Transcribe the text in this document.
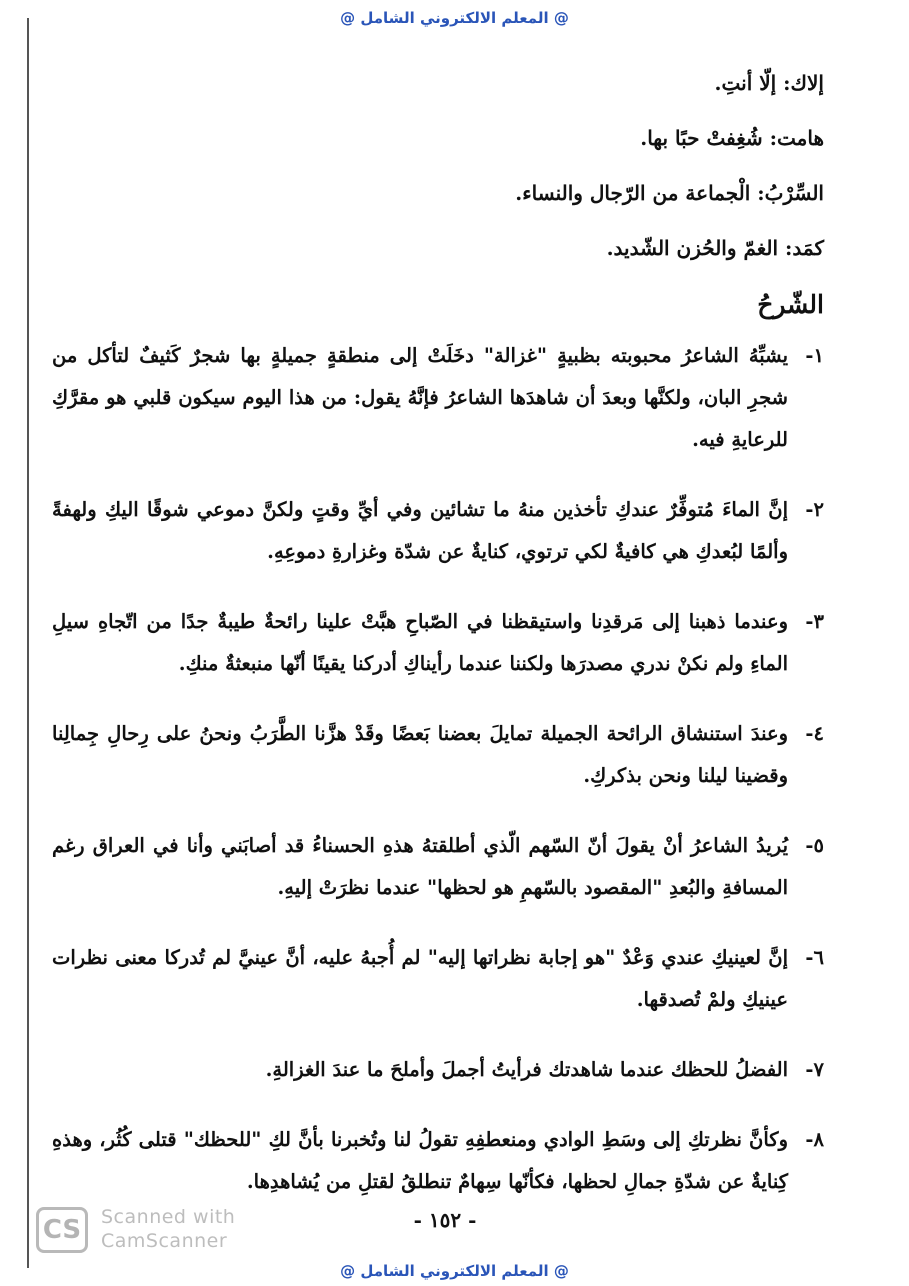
@ المعلم الالكتروني الشامل @

إلاك: إلّا أنتِ.

هامت: شُغِفتْ حبًا بها.

السِّرْبُ: الْجماعة من الرّجال والنساء.

كمَد: الغمّ والحُزن الشّديد.

الشّرحُ
١-
يشبِّهُ الشاعرُ محبوبته بظبيةٍ "غزالة" دخَلَتْ إلى منطقةٍ جميلةٍ بها شجرٌ كَثيفٌ لتأكل من شجرِ البان، ولكنَّها وبعدَ أن شاهدَها الشاعرُ فإنَّهُ يقول: من هذا اليوم سيكون قلبي هو مقرَّكِ للرعايةِ فيه.
٢-
إنَّ الماءَ مُتوفِّرٌ عندكِ تأخذين منهُ ما تشائين وفي أيِّ وقتٍ ولكنَّ دموعي شوقًا اليكِ ولهفةً وألمًا لبُعدكِ هي كافيةٌ لكي ترتوي، كنايةٌ عن شدّة وغزارةِ دموعِهِ.
٣-
وعندما ذهبنا إلى مَرقدِنا واستيقظنا في الصّباحِ هبَّتْ علينا رائحةٌ طيبةٌ جدًا من اتّجاهِ سيلِ الماءِ ولم نكنْ ندري مصدرَها ولكننا عندما رأيناكِ أدركنا يقينًا أنّها منبعثةٌ منكِ.
٤-
وعندَ استنشاق الرائحة الجميلة تمايلَ بعضنا بَعضًا وقَدْ هزَّنا الطَّرَبُ ونحنُ على رِحالِ جِمالِنا وقضينا ليلنا ونحن بذكركِ.
٥-
يُريدُ الشاعرُ أنْ يقولَ أنّ السّهم الّذي أطلقتهُ هذهِ الحسناءُ قد أصابَني وأنا في العراق رغم المسافةِ والبُعدِ "المقصود بالسّهمِ هو لحظها" عندما نظرَتْ إليهِ.
٦-
إنَّ لعينيكِ عندي وَعْدٌ "هو إجابة نظراتها إليه" لم أُجبهُ عليه، أنَّ عينيَّ لم تُدركا معنى نظرات عينيكِ ولمْ تُصدقها.
٧-
الفضلُ للحظك عندما شاهدتك فرأيتُ أجملَ وأملحَ ما عندَ الغزالةِ.
٨-
وكأنَّ نظرتكِ إلى وسَطِ الوادي ومنعطفِهِ تقولُ لنا وتُخبرنا بأنَّ لكِ "للحظك" قتلى كُثُر، وهذهِ كِنايةٌ عن شدّةِ جمالِ لحظها، فكأنّها سِهامٌ تنطلقُ لقتلِ من يُشاهدِها.
CS	Scanned with
CamScanner
- ١٥٢ -
@ المعلم الالكتروني الشامل @
